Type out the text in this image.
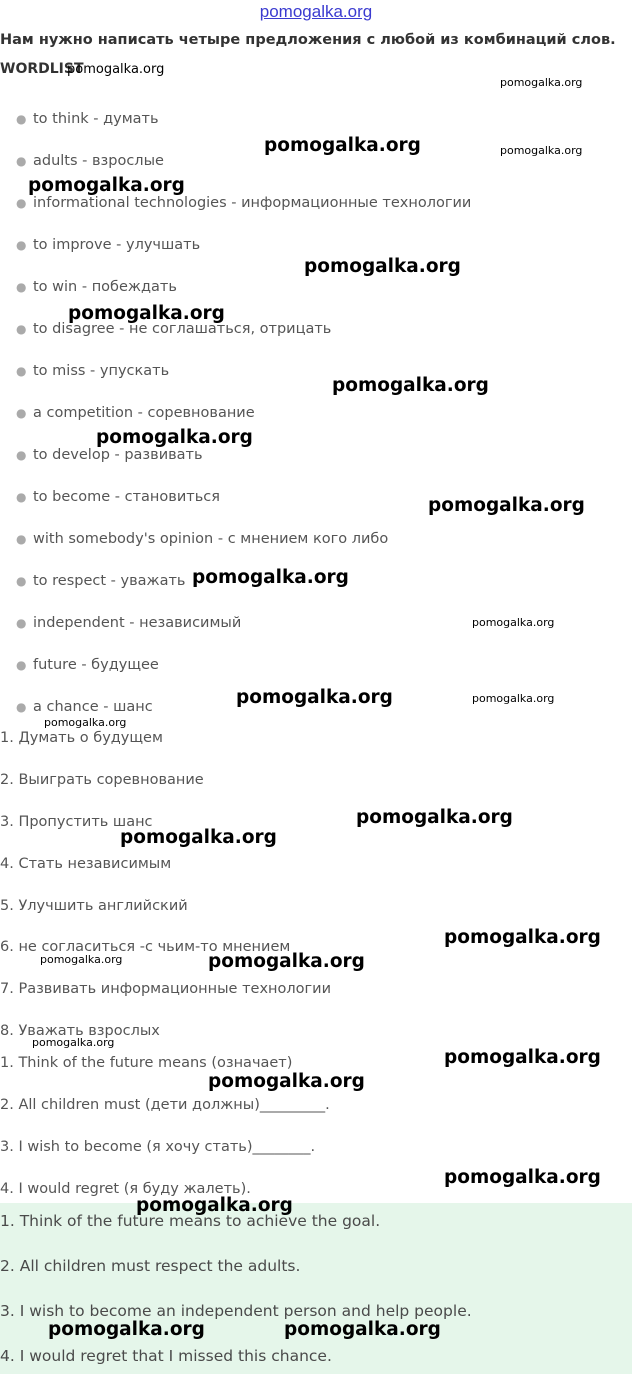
pomogalka.org
Нам нужно написать четыре предложения с любой из комбинаций слов.
WORDLIST
● to think - думать
● adults - взрослые
● informational technologies - информационные технологии
● to improve - улучшать
● to win - побеждать
● to disagree - не соглашаться, отрицать
● to miss - упускать
● a competition - соревнование
● to develop - развивать
● to become - становиться
● with somebody's opinion - с мнением кого либо
● to respect - уважать
● independent - независимый
● future - будущее
● a chance - шанс
1. Думать о будущем
2. Выиграть соревнование
3. Пропустить шанс
4. Стать независимым
5. Улучшить английский
6. не согласиться -с чьим-то мнением
7. Развивать информационные технологии
8. Уважать взрослых
1. Think of the future means (означает)
2. All children must (дети должны)_________.
3. I wish to become (я хочу стать)________.
4. I would regret (я буду жалеть).
1. Think of the future means to achieve the goal.
2. All children must respect the adults.
3. I wish to become an independent person and help people.
4. I would regret that I missed this chance.
pomogalka.org
pomogalka.org
pomogalka.org	pomogalka.org
pomogalka.org
pomogalka.org
pomogalka.org
pomogalka.org
pomogalka.org
pomogalka.org
pomogalka.org
pomogalka.org
pomogalka.org	pomogalka.org
pomogalka.org
pomogalka.org
pomogalka.org
pomogalka.org
pomogalka.org	pomogalka.org
pomogalka.org
pomogalka.org
pomogalka.org
pomogalka.org
pomogalka.org
pomogalka.org	pomogalka.org
